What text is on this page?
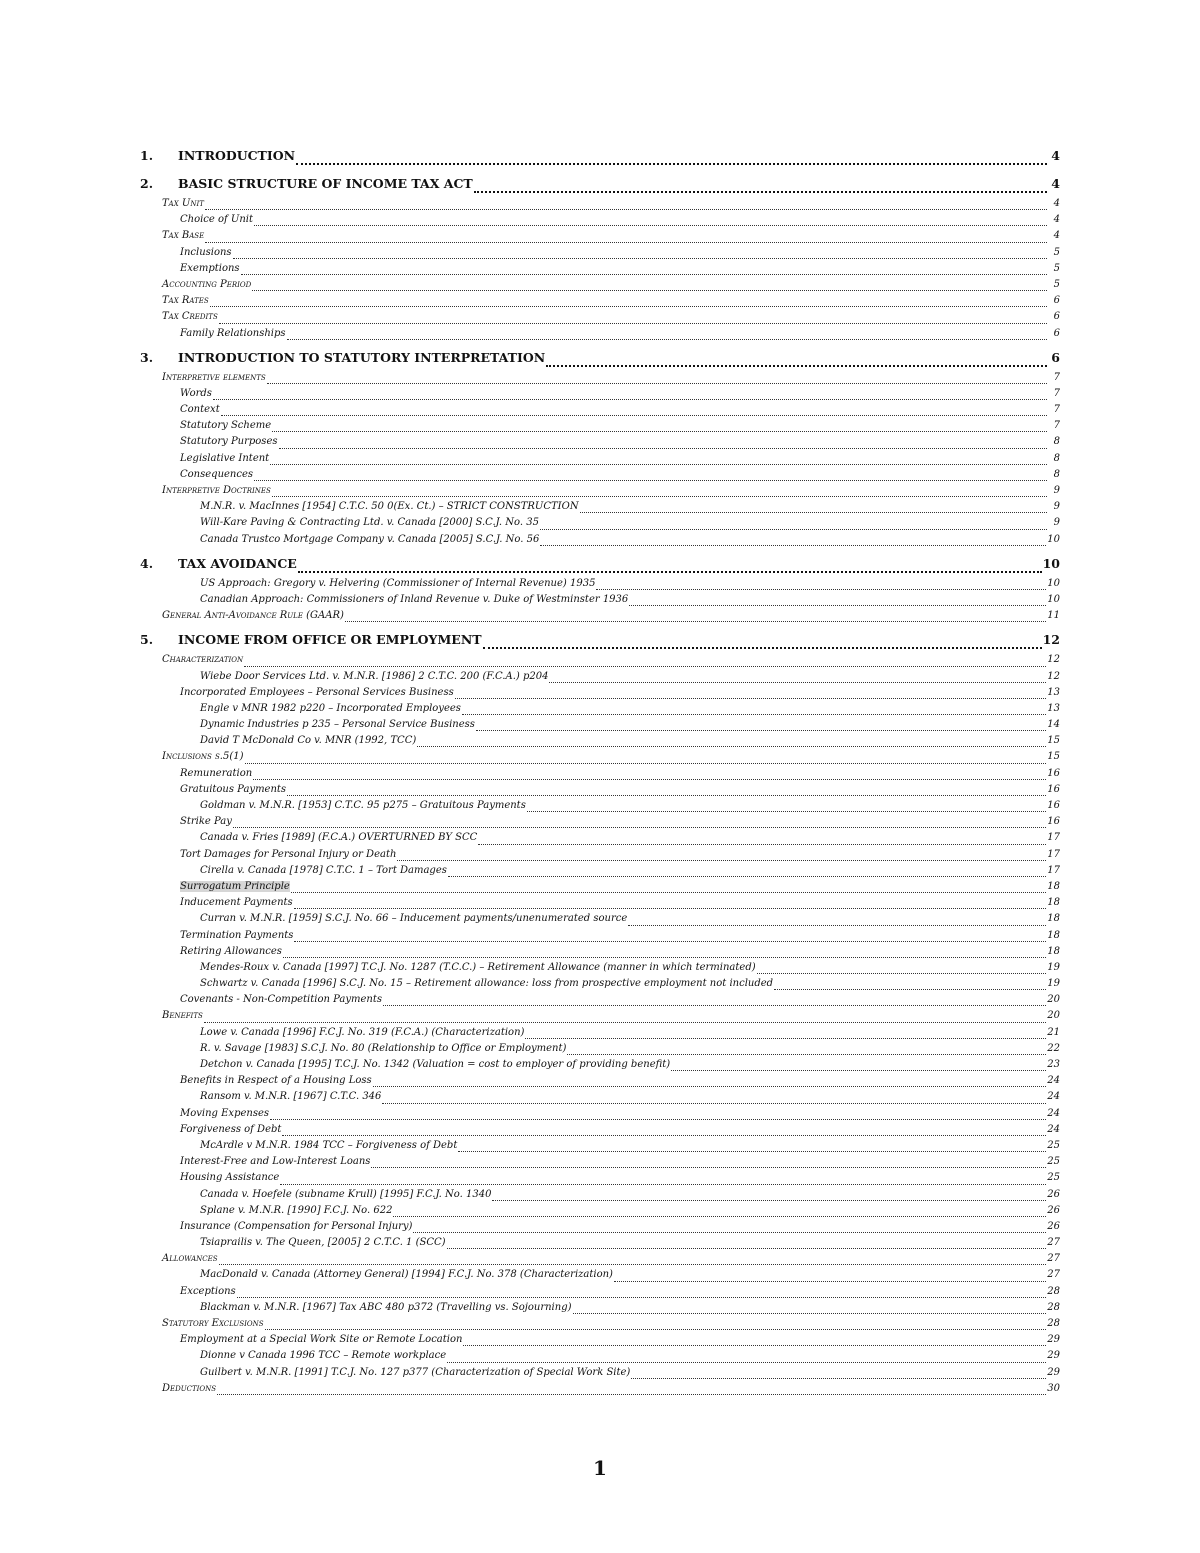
1.	INTRODUCTION	4
2.	BASIC STRUCTURE OF INCOME TAX ACT	4
Tax Unit	4
Choice of Unit	4
Tax Base	4
Inclusions	5
Exemptions	5
Accounting Period	5
Tax Rates	6
Tax Credits	6
Family Relationships	6
3.	INTRODUCTION TO STATUTORY INTERPRETATION	6
Interpretive elements	7
Words	7
Context	7
Statutory Scheme	7
Statutory Purposes	8
Legislative Intent	8
Consequences	8
Interpretive Doctrines	9
M.N.R. v. MacInnes [1954] C.T.C. 50 0(Ex. Ct.) – STRICT CONSTRUCTION	9
Will-Kare Paving & Contracting Ltd. v. Canada [2000] S.C.J. No. 35	9
Canada Trustco Mortgage Company v. Canada [2005] S.C.J. No. 56	10
4.	TAX AVOIDANCE	10
US Approach: Gregory v. Helvering (Commissioner of Internal Revenue) 1935	10
Canadian Approach: Commissioners of Inland Revenue v. Duke of Westminster 1936	10
General Anti-Avoidance Rule (GAAR)	11
5.	INCOME FROM OFFICE OR EMPLOYMENT	12
Characterization	12
Wiebe Door Services Ltd. v. M.N.R. [1986] 2 C.T.C. 200 (F.C.A.) p204	12
Incorporated Employees – Personal Services Business	13
Engle v MNR 1982 p220 – Incorporated Employees	13
Dynamic Industries p 235 – Personal Service Business	14
David T McDonald Co v. MNR (1992, TCC)	15
Inclusions s.5(1)	15
Remuneration	16
Gratuitous Payments	16
Goldman v. M.N.R. [1953] C.T.C. 95 p275 – Gratuitous Payments	16
Strike Pay	16
Canada v. Fries [1989] (F.C.A.) OVERTURNED BY SCC	17
Tort Damages for Personal Injury or Death	17
Cirella v. Canada [1978] C.T.C. 1 – Tort Damages	17
Surrogatum Principle	18
Inducement Payments	18
Curran v. M.N.R. [1959] S.C.J. No. 66 – Inducement payments/unenumerated source	18
Termination Payments	18
Retiring Allowances	18
Mendes-Roux v. Canada [1997] T.C.J. No. 1287 (T.C.C.) – Retirement Allowance (manner in which terminated)	19
Schwartz v. Canada [1996] S.C.J. No. 15 – Retirement allowance: loss from prospective employment not included	19
Covenants - Non-Competition Payments	20
Benefits	20
Lowe v. Canada [1996] F.C.J. No. 319 (F.C.A.) (Characterization)	21
R. v. Savage [1983] S.C.J. No. 80 (Relationship to Office or Employment)	22
Detchon v. Canada [1995] T.C.J. No. 1342 (Valuation = cost to employer of providing benefit)	23
Benefits in Respect of a Housing Loss	24
Ransom v. M.N.R. [1967] C.T.C. 346	24
Moving Expenses	24
Forgiveness of Debt	24
McArdle v M.N.R. 1984 TCC – Forgiveness of Debt	25
Interest-Free and Low-Interest Loans	25
Housing Assistance	25
Canada v. Hoefele (subname Krull) [1995] F.C.J. No. 1340	26
Splane v. M.N.R. [1990] F.C.J. No. 622	26
Insurance (Compensation for Personal Injury)	26
Tsiaprailis v. The Queen, [2005] 2 C.T.C. 1 (SCC)	27
Allowances	27
MacDonald v. Canada (Attorney General) [1994] F.C.J. No. 378 (Characterization)	27
Exceptions	28
Blackman v. M.N.R. [1967] Tax ABC 480 p372 (Travelling vs. Sojourning)	28
Statutory Exclusions	28
Employment at a Special Work Site or Remote Location	29
Dionne v Canada 1996 TCC – Remote workplace	29
Guilbert v. M.N.R. [1991] T.C.J. No. 127 p377 (Characterization of Special Work Site)	29
Deductions	30
1
